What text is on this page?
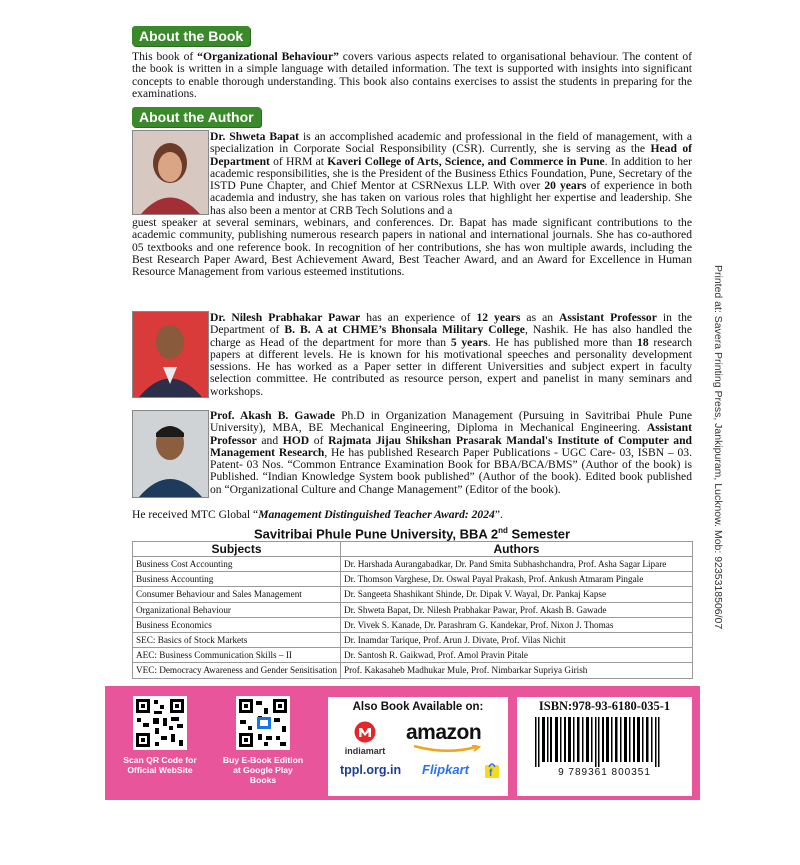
Printed at: Savera Printing Press, Jankipuram, Lucknow. Mob: 9235318506/07
About the Book

This book of “Organizational Behaviour” covers various aspects related to organisational behaviour. The content of the book is written in a simple language with detailed information. The text is supported with insights into significant concepts to enable thorough understanding. This book also contains exercises to assist the students in preparing for the examinations.

About the Author

Dr. Shweta Bapat is an accomplished academic and professional in the field of management, with a specialization in Corporate Social Responsibility (CSR). Currently, she is serving as the Head of Department of HRM at Kaveri College of Arts, Science, and Commerce in Pune. In addition to her academic responsibilities, she is the President of the Business Ethics Foundation, Pune, Secretary of the ISTD Pune Chapter, and Chief Mentor at CSRNexus LLP. With over 20 years of experience in both academia and industry, she has taken on various roles that highlight her expertise and leadership. She has also been a mentor at CRB Tech Solutions and a

guest speaker at several seminars, webinars, and conferences. Dr. Bapat has made significant contributions to the academic community, publishing numerous research papers in national and international journals. She has co-authored 05 textbooks and one reference book. In recognition of her contributions, she has won multiple awards, including the Best Research Paper Award, Best Achievement Award, Best Teacher Award, and an Award for Excellence in Human Resource Management from various esteemed institutions.

Dr. Nilesh Prabhakar Pawar has an experience of 12 years as an Assistant Professor in the Department of B. B. A at CHME’s Bhonsala Military College, Nashik. He has also handled the charge as Head of the department for more than 5 years. He has published more than 18 research papers at different levels. He is known for his motivational speeches and personality development sessions. He has worked as a Paper setter in different Universities and subject expert in faculty selection committee. He contributed as resource person, expert and panelist in many seminars and workshops.

Prof. Akash B. Gawade Ph.D in Organization Management (Pursuing in Savitribai Phule Pune University), MBA, BE Mechanical Engineering, Diploma in Mechanical Engineering. Assistant Professor and HOD of Rajmata Jijau Shikshan Prasarak Mandal's Institute of Computer and Management Research, He has published Research Paper Publications - UGC Care- 03, ISBN – 03. Patent- 03 Nos. “Common Entrance Examination Book for BBA/BCA/BMS” (Author of the book) is Published. “Indian Knowledge System book published” (Author of the book). Edited book published on “Organizational Culture and Change Management” (Editor of the book).

He received MTC Global “Management Distinguished Teacher Award: 2024”.

Savitribai Phule Pune University, BBA 2nd Semester
Subjects	Authors
Business Cost Accounting	Dr. Harshada Aurangabadkar, Dr. Pand Smita Subhashchandra, Prof. Asha Sagar Lipare
Business Accounting	Dr. Thomson Varghese, Dr. Oswal Payal Prakash, Prof. Ankush Atmaram Pingale
Consumer Behaviour and Sales Management	Dr. Sangeeta Shashikant Shinde, Dr. Dipak V. Wayal, Dr. Pankaj Kapse
Organizational Behaviour	Dr. Shweta Bapat, Dr. Nilesh Prabhakar Pawar, Prof. Akash B. Gawade
Business Economics	Dr. Vivek S. Kanade, Dr. Parashram G. Kandekar, Prof. Nixon J. Thomas
SEC: Basics of Stock Markets	Dr. Inamdar Tarique, Prof. Arun J. Divate, Prof. Vilas Nichit
AEC: Business Communication Skills – II	Dr. Santosh R. Gaikwad, Prof. Amol Pravin Pitale
VEC: Democracy Awareness and Gender Sensitisation	Prof. Kakasaheb Madhukar Mule, Prof. Nimbarkar Supriya Girish
Scan QR Code for Official WebSite
Buy E-Book Edition at Google Play Books
Also Book Available on:
indiamart
amazon
tppl.org.in Flipkart f
ISBN:978-93-6180-035-1
9 789361 800351
